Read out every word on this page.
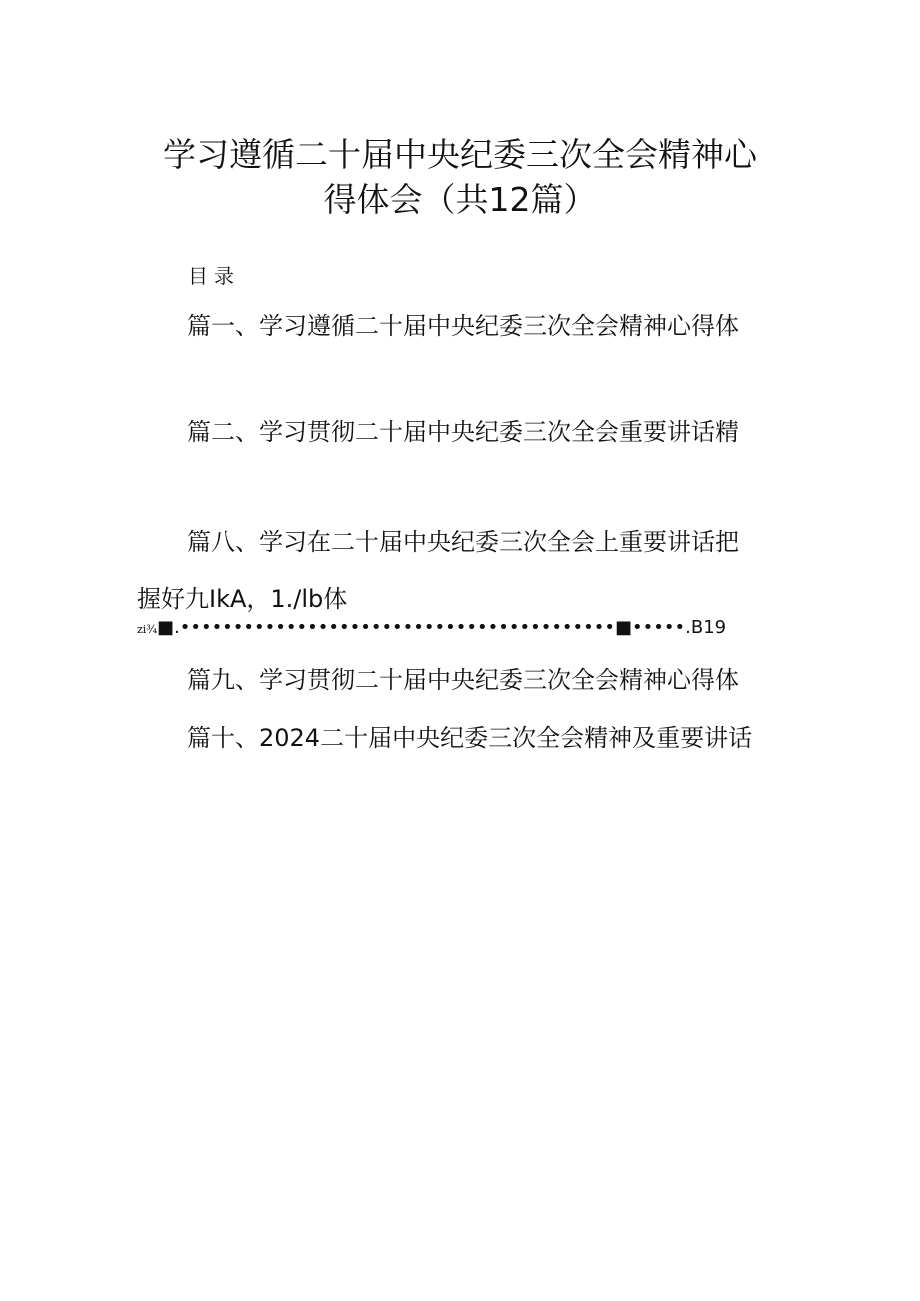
学习遵循二十届中央纪委三次全会精神心
得体会（共12篇）
目录
篇一、学习遵循二十届中央纪委三次全会精神心得体
篇二、学习贯彻二十届中央纪委三次全会重要讲话精
篇八、学习在二十届中央纪委三次全会上重要讲话把
握好九IkA，1./lb体
zi¾■.•••••••••••••••••••••••••••••••••••••••••■•••••.B19
篇九、学习贯彻二十届中央纪委三次全会精神心得体
篇十、2024二十届中央纪委三次全会精神及重要讲话
